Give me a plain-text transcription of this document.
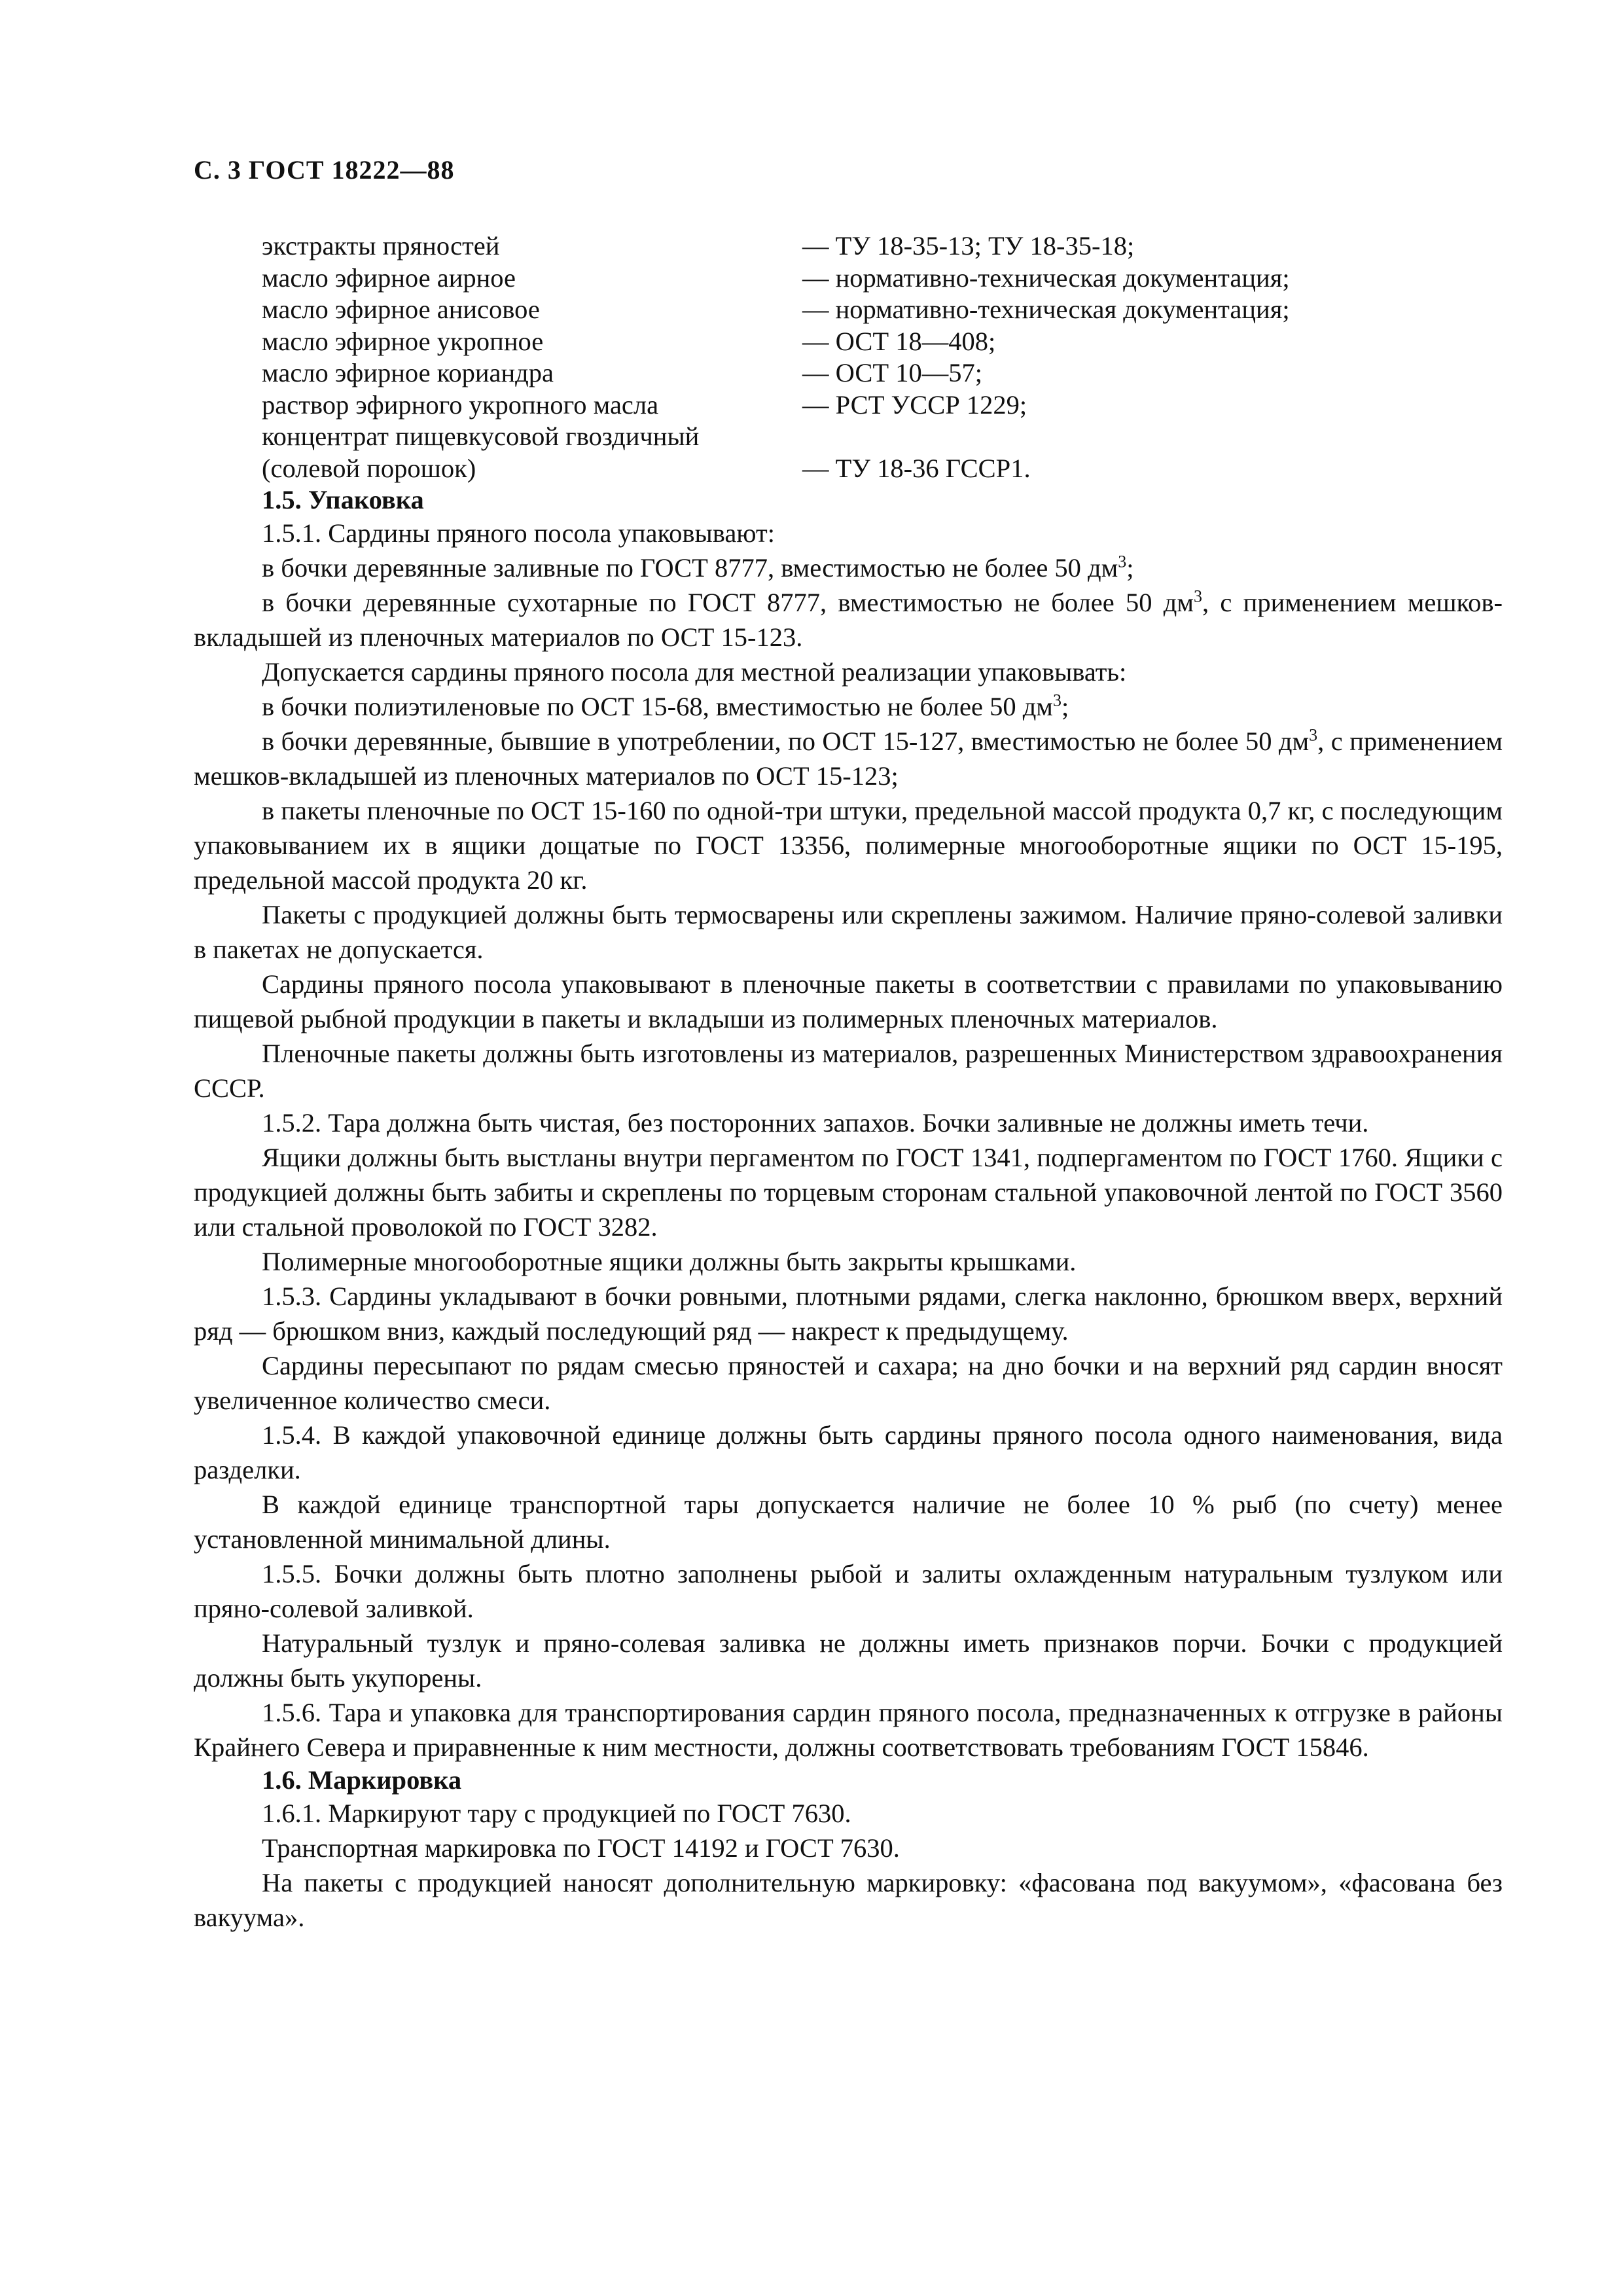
С. 3 ГОСТ 18222—88
экстракты пряностей	— ТУ 18-35-13; ТУ 18-35-18;
масло эфирное аирное	— нормативно-техническая документация;
масло эфирное анисовое	— нормативно-техническая документация;
масло эфирное укропное	— ОСТ 18—408;
масло эфирное кориандра	— ОСТ 10—57;
раствор эфирного укропного масла	— РСТ УССР 1229;
концентрат пищевкусовой гвоздичный
(солевой порошок)	— ТУ 18-36 ГССР1.
1.5. Упаковка

1.5.1. Сардины пряного посола упаковывают:

в бочки деревянные заливные по ГОСТ 8777, вместимостью не более 50 $дм^3$;

в бочки деревянные сухотарные по ГОСТ 8777, вместимостью не более 50 $дм^3$, с применением мешков-вкладышей из пленочных материалов по ОСТ 15-123.

Допускается сардины пряного посола для местной реализации упаковывать:

в бочки полиэтиленовые по ОСТ 15-68, вместимостью не более 50 $дм^3$;

в бочки деревянные, бывшие в употреблении, по ОСТ 15-127, вместимостью не более 50 $дм^3$, с применением мешков-вкладышей из пленочных материалов по ОСТ 15-123;

в пакеты пленочные по ОСТ 15-160 по одной-три штуки, предельной массой продукта 0,7 кг, с последующим упаковыванием их в ящики дощатые по ГОСТ 13356, полимерные многооборотные ящики по ОСТ 15-195, предельной массой продукта 20 кг.

Пакеты с продукцией должны быть термосварены или скреплены зажимом. Наличие пряно-солевой заливки в пакетах не допускается.

Сардины пряного посола упаковывают в пленочные пакеты в соответствии с правилами по упаковыванию пищевой рыбной продукции в пакеты и вкладыши из полимерных пленочных материалов.

Пленочные пакеты должны быть изготовлены из материалов, разрешенных Министерством здравоохранения СССР.

1.5.2. Тара должна быть чистая, без посторонних запахов. Бочки заливные не должны иметь течи.

Ящики должны быть выстланы внутри пергаментом по ГОСТ 1341, подпергаментом по ГОСТ 1760. Ящики с продукцией должны быть забиты и скреплены по торцевым сторонам стальной упаковочной лентой по ГОСТ 3560 или стальной проволокой по ГОСТ 3282.

Полимерные многооборотные ящики должны быть закрыты крышками.

1.5.3. Сардины укладывают в бочки ровными, плотными рядами, слегка наклонно, брюшком вверх, верхний ряд — брюшком вниз, каждый последующий ряд — накрест к предыдущему.

Сардины пересыпают по рядам смесью пряностей и сахара; на дно бочки и на верхний ряд сардин вносят увеличенное количество смеси.

1.5.4. В каждой упаковочной единице должны быть сардины пряного посола одного наименования, вида разделки.

В каждой единице транспортной тары допускается наличие не более 10 % рыб (по счету) менее установленной минимальной длины.

1.5.5. Бочки должны быть плотно заполнены рыбой и залиты охлажденным натуральным тузлуком или пряно-солевой заливкой.

Натуральный тузлук и пряно-солевая заливка не должны иметь признаков порчи. Бочки с продукцией должны быть укупорены.

1.5.6. Тара и упаковка для транспортирования сардин пряного посола, предназначенных к отгрузке в районы Крайнего Севера и приравненные к ним местности, должны соответствовать требованиям ГОСТ 15846.

1.6. Маркировка

1.6.1. Маркируют тару с продукцией по ГОСТ 7630.

Транспортная маркировка по ГОСТ 14192 и ГОСТ 7630.

На пакеты с продукцией наносят дополнительную маркировку: «фасована под вакуумом», «фасована без вакуума».
